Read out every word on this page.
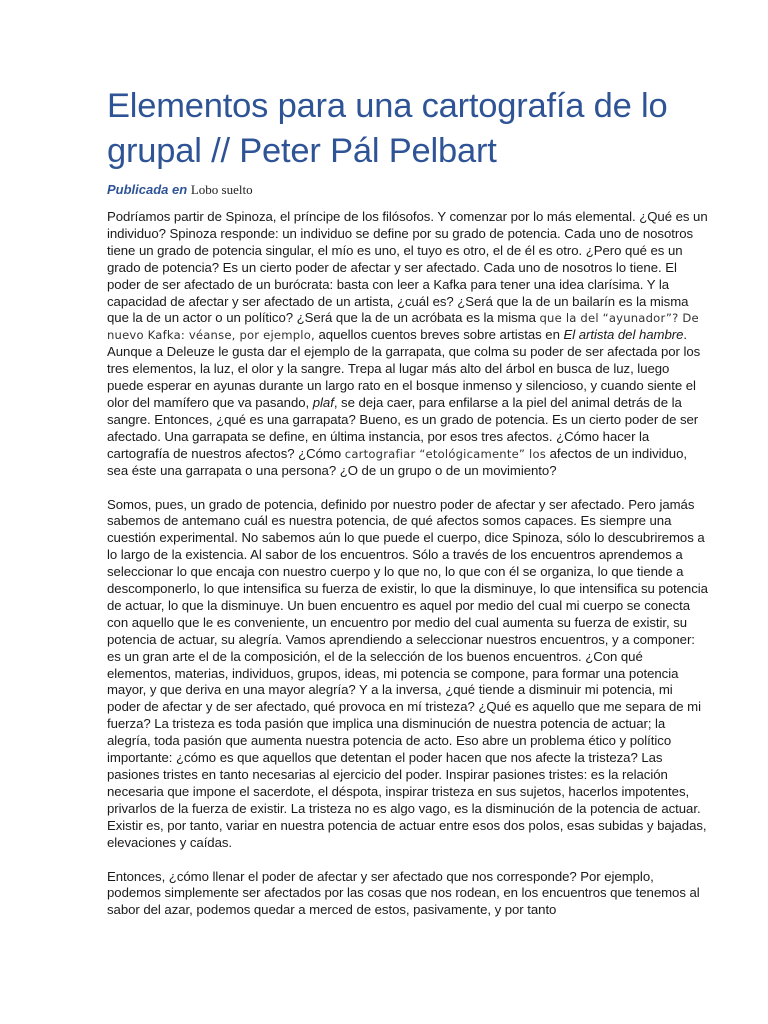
Elementos para una cartografía de lo grupal // Peter Pál Pelbart
Publicada en Lobo suelto

Podríamos partir de Spinoza, el príncipe de los filósofos. Y comenzar por lo más elemental. ¿Qué es un individuo? Spinoza responde: un individuo se define por su grado de potencia. Cada uno de nosotros tiene un grado de potencia singular, el mío es uno, el tuyo es otro, el de él es otro. ¿Pero qué es un grado de potencia? Es un cierto poder de afectar y ser afectado. Cada uno de nosotros lo tiene. El poder de ser afectado de un burócrata: basta con leer a Kafka para tener una idea clarísima. Y la capacidad de afectar y ser afectado de un artista, ¿cuál es? ¿Será que la de un bailarín es la misma que la de un actor o un político? ¿Será que la de un acróbata es la misma que la del “ayunador”? De nuevo Kafka: véanse, por ejemplo, aquellos cuentos breves sobre artistas en El artista del hambre. Aunque a Deleuze le gusta dar el ejemplo de la garrapata, que colma su poder de ser afectada por los tres elementos, la luz, el olor y la sangre. Trepa al lugar más alto del árbol en busca de luz, luego puede esperar en ayunas durante un largo rato en el bosque inmenso y silencioso, y cuando siente el olor del mamífero que va pasando, plaf, se deja caer, para enfilarse a la piel del animal detrás de la sangre. Entonces, ¿qué es una garrapata? Bueno, es un grado de potencia. Es un cierto poder de ser afectado. Una garrapata se define, en última instancia, por esos tres afectos. ¿Cómo hacer la cartografía de nuestros afectos? ¿Cómo cartografiar “etológicamente” los afectos de un individuo, sea éste una garrapata o una persona? ¿O de un grupo o de un movimiento?

Somos, pues, un grado de potencia, definido por nuestro poder de afectar y ser afectado. Pero jamás sabemos de antemano cuál es nuestra potencia, de qué afectos somos capaces. Es siempre una cuestión experimental. No sabemos aún lo que puede el cuerpo, dice Spinoza, sólo lo descubriremos a lo largo de la existencia. Al sabor de los encuentros. Sólo a través de los encuentros aprendemos a seleccionar lo que encaja con nuestro cuerpo y lo que no, lo que con él se organiza, lo que tiende a descomponerlo, lo que intensifica su fuerza de existir, lo que la disminuye, lo que intensifica su potencia de actuar, lo que la disminuye. Un buen encuentro es aquel por medio del cual mi cuerpo se conecta con aquello que le es conveniente, un encuentro por medio del cual aumenta su fuerza de existir, su potencia de actuar, su alegría. Vamos aprendiendo a seleccionar nuestros encuentros, y a componer: es un gran arte el de la composición, el de la selección de los buenos encuentros. ¿Con qué elementos, materias, individuos, grupos, ideas, mi potencia se compone, para formar una potencia mayor, y que deriva en una mayor alegría? Y a la inversa, ¿qué tiende a disminuir mi potencia, mi poder de afectar y de ser afectado, qué provoca en mí tristeza? ¿Qué es aquello que me separa de mi fuerza? La tristeza es toda pasión que implica una disminución de nuestra potencia de actuar; la alegría, toda pasión que aumenta nuestra potencia de acto. Eso abre un problema ético y político importante: ¿cómo es que aquellos que detentan el poder hacen que nos afecte la tristeza? Las pasiones tristes en tanto necesarias al ejercicio del poder. Inspirar pasiones tristes: es la relación necesaria que impone el sacerdote, el déspota, inspirar tristeza en sus sujetos, hacerlos impotentes, privarlos de la fuerza de existir. La tristeza no es algo vago, es la disminución de la potencia de actuar. Existir es, por tanto, variar en nuestra potencia de actuar entre esos dos polos, esas subidas y bajadas, elevaciones y caídas.

Entonces, ¿cómo llenar el poder de afectar y ser afectado que nos corresponde? Por ejemplo, podemos simplemente ser afectados por las cosas que nos rodean, en los encuentros que tenemos al sabor del azar, podemos quedar a merced de estos, pasivamente, y por tanto
